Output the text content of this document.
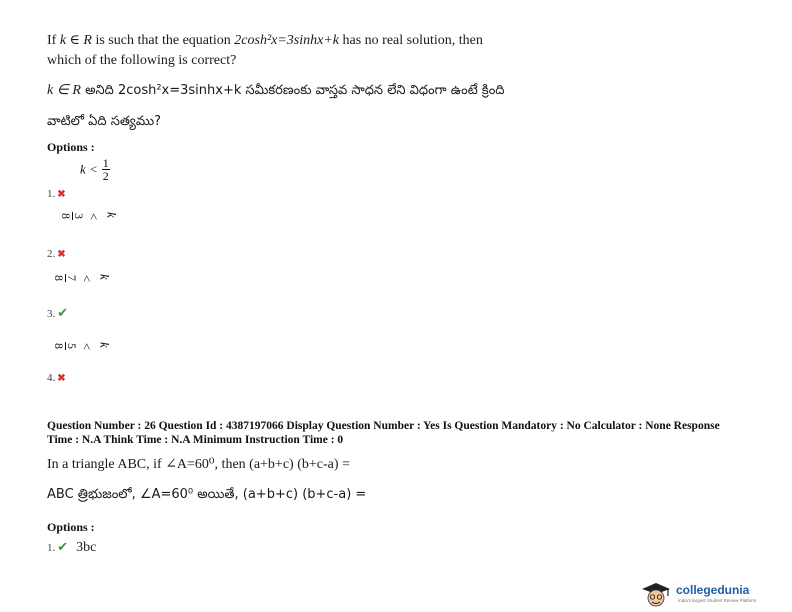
If k ∈ R is such that the equation 2cosh²x=3sinhx+k has no real solution, then
which of the following is correct?
k ∈ R అనిది 2cosh²x=3sinhx+k సమీకరణంకు వాస్తవ సాధన లేని విధంగా ఉంటే క్రింది
వాటిలో ఏది సత్యము?
Options :
$k < \frac{1}{2}$
1. ✖
k <
3
8
2. ✖
k <
7
8
3. ✔
k <
5
8
4. ✖
Question Number : 26 Question Id : 4387197066 Display Question Number : Yes Is Question Mandatory : No Calculator : None Response
Time : N.A Think Time : N.A Minimum Instruction Time : 0
In a triangle ABC, if ∠A=60⁰, then (a+b+c) (b+c-a) =
ABC త్రిభుజంలో, ∠A=60⁰ అయితే, (a+b+c) (b+c-a) =
Options :
1. ✔ 3bc
collegedunia
India's largest Student Review Platform
